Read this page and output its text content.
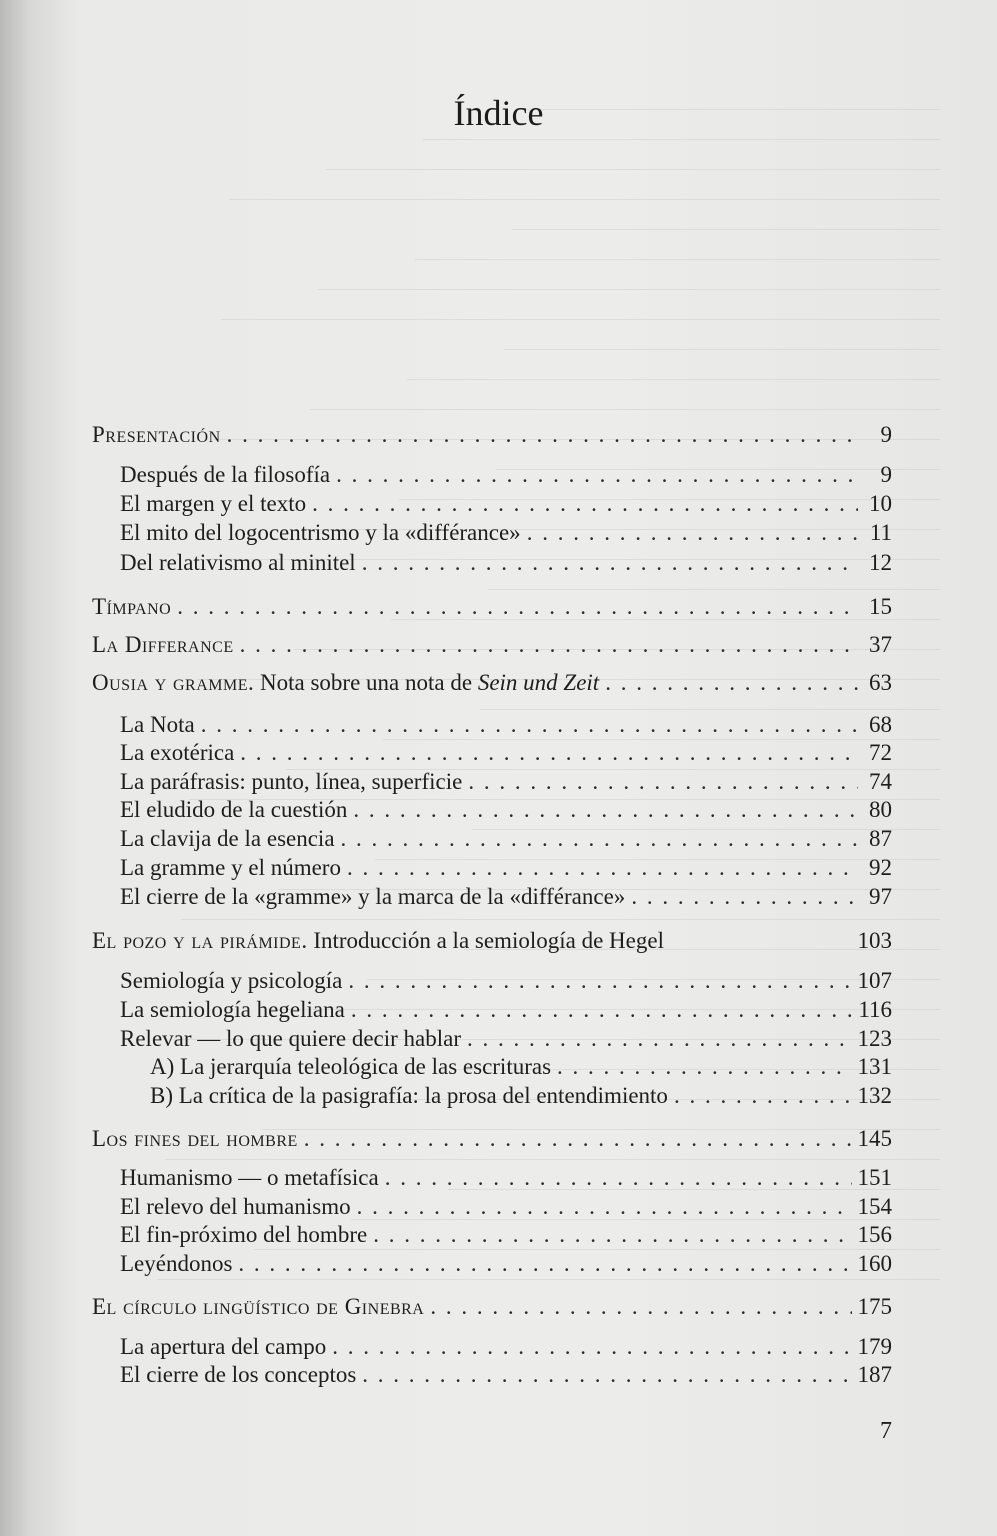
Índice
Presentación . . .	9
Después de la filosofía . . .	9
El margen y el texto . . .	10
El mito del logocentrismo y la «différance» . . .	11
Del relativismo al minitel . . .	12
Tímpano . . .	15
La Differance . . .	37
Ousia y gramme. Nota sobre una nota de Sein und Zeit . . .	63
La Nota . . .	68
La exotérica . . .	72
La paráfrasis: punto, línea, superficie . . .	74
El eludido de la cuestión . . .	80
La clavija de la esencia . . .	87
La gramme y el número . . .	92
El cierre de la «gramme» y la marca de la «différance» . . .	97
El pozo y la pirámide. Introducción a la semiología de Hegel	103
Semiología y psicología . . .	107
La semiología hegeliana . . .	116
Relevar — lo que quiere decir hablar . . .	123
A) La jerarquía teleológica de las escrituras . . .	131
B) La crítica de la pasigrafía: la prosa del entendimiento . . .	132
Los fines del hombre . . .	145
Humanismo — o metafísica . . .	151
El relevo del humanismo . . .	154
El fin-próximo del hombre . . .	156
Leyéndonos . . .	160
El círculo lingüístico de Ginebra . . .	175
La apertura del campo . . .	179
El cierre de los conceptos . . .	187
7
